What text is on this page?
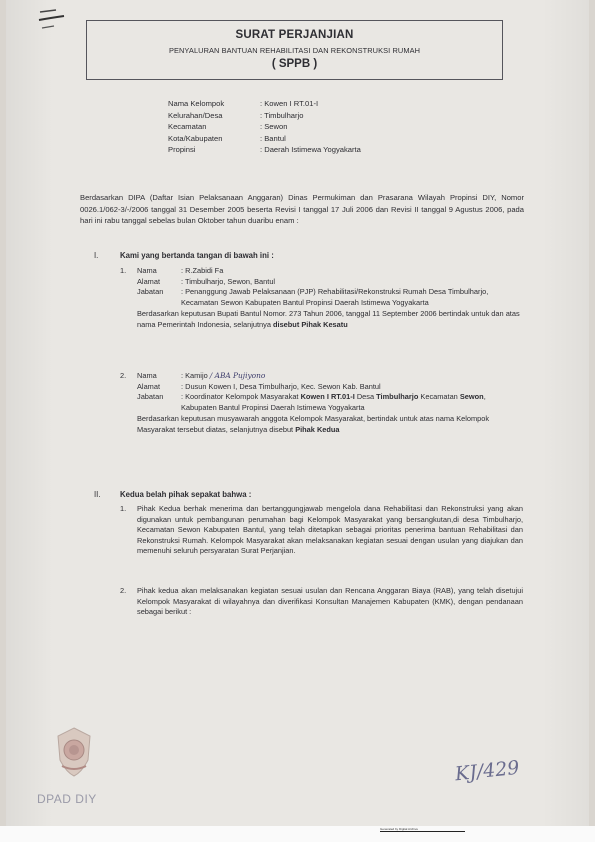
SURAT PERJANJIAN
PENYALURAN BANTUAN REHABILITASI DAN REKONSTRUKSI RUMAH
( SPPB )
Nama Kelompok	: Kowen I RT.01-I
Kelurahan/Desa	: Timbulharjo
Kecamatan	: Sewon
Kota/Kabupaten	: Bantul
Propinsi	: Daerah Istimewa Yogyakarta
Berdasarkan DIPA (Daftar Isian Pelaksanaan Anggaran) Dinas Permukiman dan Prasarana Wilayah Propinsi DIY, Nomor 0026.1/062-3/-/2006 tanggal 31 Desember 2005 beserta Revisi I tanggal 17 Juli 2006 dan Revisi II tanggal 9 Agustus 2006, pada hari ini rabu tanggal sebelas bulan Oktober tahun duaribu enam :
I.	Kami yang bertanda tangan di bawah ini :
1.	Nama	: R.Zabidi Fa
Alamat	: Timbulharjo, Sewon, Bantul
Jabatan	: Penanggung Jawab Pelaksanaan (PJP) Rehabilitasi/Rekonstruksi Rumah Desa Timbulharjo, Kecamatan Sewon Kabupaten Bantul Propinsi Daerah Istimewa Yogyakarta
Berdasarkan keputusan Bupati Bantul Nomor. 273 Tahun 2006, tanggal 11 September 2006 bertindak untuk dan atas nama Pemerintah Indonesia, selanjutnya disebut Pihak Kesatu
2.	Nama	: Kamijo / ABA Pujiyono
Alamat	: Dusun Kowen I, Desa Timbulharjo, Kec. Sewon Kab. Bantul
Jabatan	: Koordinator Kelompok Masyarakat Kowen I RT.01-I Desa Timbulharjo Kecamatan Sewon, Kabupaten Bantul Propinsi Daerah Istimewa Yogyakarta
Berdasarkan keputusan musyawarah anggota Kelompok Masyarakat, bertindak untuk atas nama Kelompok Masyarakat tersebut diatas, selanjutnya disebut Pihak Kedua
II.	Kedua belah pihak sepakat bahwa :
1.	Pihak Kedua berhak menerima dan bertanggungjawab mengelola dana Rehabilitasi dan Rekonstruksi yang akan digunakan untuk pembangunan perumahan bagi Kelompok Masyarakat yang bersangkutan,di desa Timbulharjo, Kecamatan Sewon Kabupaten Bantul, yang telah ditetapkan sebagai prioritas penerima bantuan Rehabilitasi dan Rekonstruksi Rumah. Kelompok Masyarakat akan melaksanakan kegiatan sesuai dengan usulan yang diajukan dan memenuhi seluruh persyaratan Surat Perjanjian.
2.	Pihak kedua akan melaksanakan kegiatan sesuai usulan dan Rencana Anggaran Biaya (RAB), yang telah disetujui Kelompok Masyarakat di wilayahnya dan diverifikasi Konsultan Manajemen Kabupaten (KMK), dengan pendanaan sebagai berikut :
DPAD DIY
KJ/429
Generated by Digital Archive
